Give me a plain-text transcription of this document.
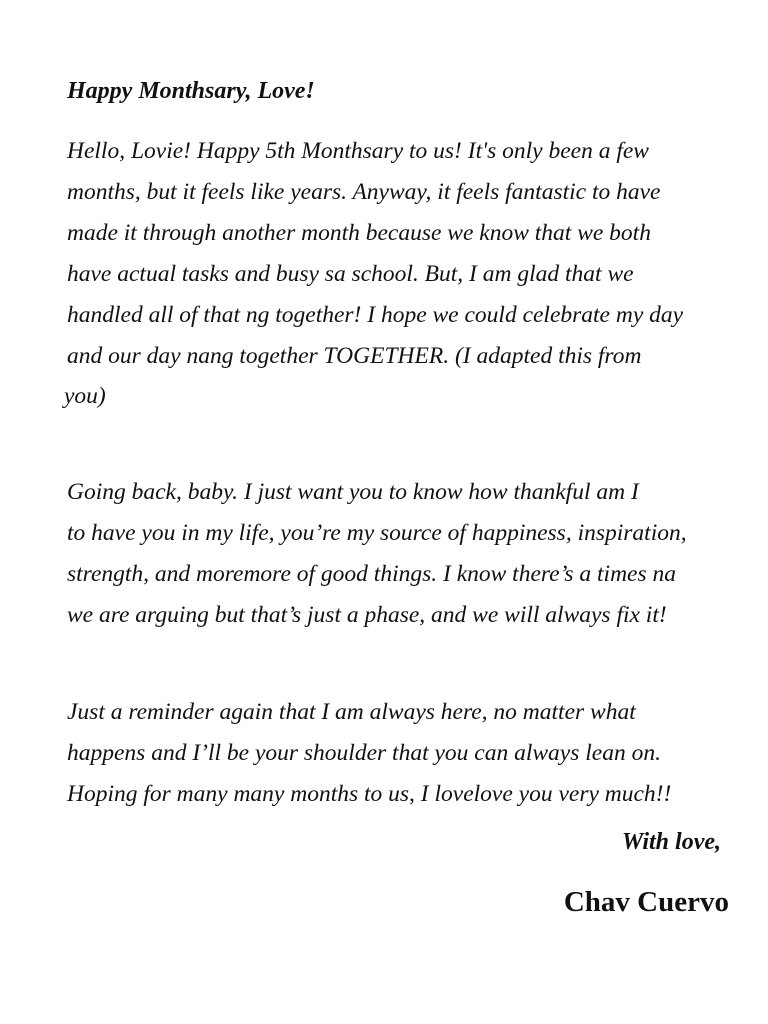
Happy Monthsary, Love!

Hello, Lovie! Happy 5th Monthsary to us! It's only been a few
months, but it feels like years. Anyway, it feels fantastic to have
made it through another month because we know that we both
have actual tasks and busy sa school. But, I am glad that we
handled all of that ng together! I hope we could celebrate my day
and our day nang together TOGETHER. (I adapted this from
you)

Going back, baby. I just want you to know how thankful am I
to have you in my life, you’re my source of happiness, inspiration,
strength, and moremore of good things. I know there’s a times na
we are arguing but that’s just a phase, and we will always fix it!

Just a reminder again that I am always here, no matter what
happens and I’ll be your shoulder that you can always lean on.
Hoping for many many months to us, I lovelove you very much!!

With love,

Chav Cuervo
